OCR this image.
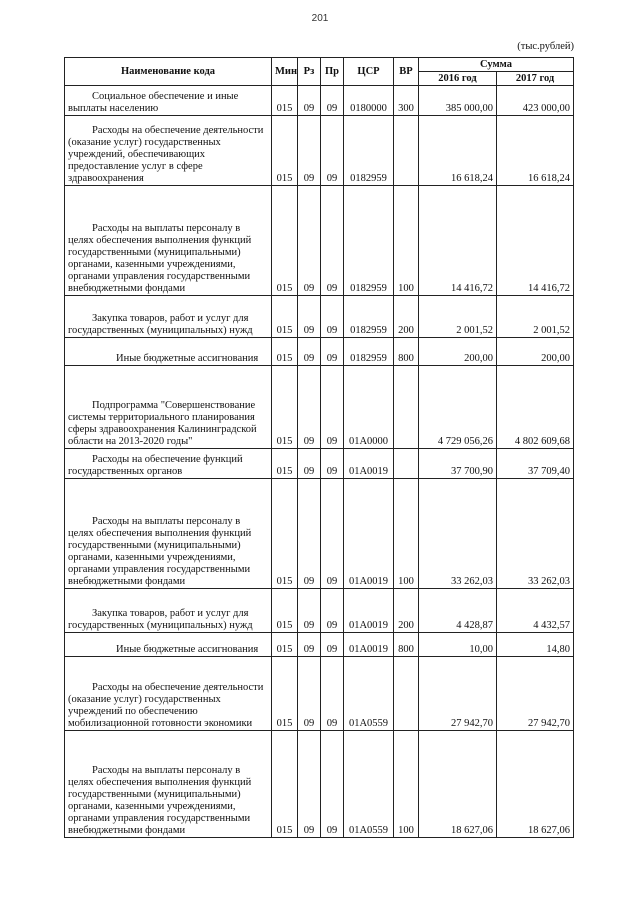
201
(тыс.рублей)
Наименование кода	Мин	Рз	Пр	ЦСР	ВР	Сумма	
						2016 год	2017 год
Социальное обеспечение и иные выплаты населению	015	09	09	0180000	300	385 000,00	423 000,00
Расходы на обеспечение деятельности (оказание услуг) государственных учреждений, обеспечивающих предоставление услуг в сфере здравоохранения	015	09	09	0182959		16 618,24	16 618,24
Расходы на выплаты персоналу в целях обеспечения выполнения функций государственными (муниципальными) органами, казенными учреждениями, органами управления государственными внебюджетными фондами	015	09	09	0182959	100	14 416,72	14 416,72
Закупка товаров, работ и услуг для государственных (муниципальных) нужд	015	09	09	0182959	200	2 001,52	2 001,52
Иные бюджетные ассигнования	015	09	09	0182959	800	200,00	200,00
Подпрограмма "Совершенствование системы территориального планирования сферы здравоохранения Калининградской области на 2013-2020 годы"	015	09	09	01А0000		4 729 056,26	4 802 609,68
Расходы на обеспечение функций государственных органов	015	09	09	01А0019		37 700,90	37 709,40
Расходы на выплаты персоналу в целях обеспечения выполнения функций государственными (муниципальными) органами, казенными учреждениями, органами управления государственными внебюджетными фондами	015	09	09	01А0019	100	33 262,03	33 262,03
Закупка товаров, работ и услуг для государственных (муниципальных) нужд	015	09	09	01А0019	200	4 428,87	4 432,57
Иные бюджетные ассигнования	015	09	09	01А0019	800	10,00	14,80
Расходы на обеспечение деятельности (оказание услуг) государственных учреждений по обеспечению мобилизационной готовности экономики	015	09	09	01А0559		27 942,70	27 942,70
Расходы на выплаты персоналу в целях обеспечения выполнения функций государственными (муниципальными) органами, казенными учреждениями, органами управления государственными внебюджетными фондами	015	09	09	01А0559	100	18 627,06	18 627,06
